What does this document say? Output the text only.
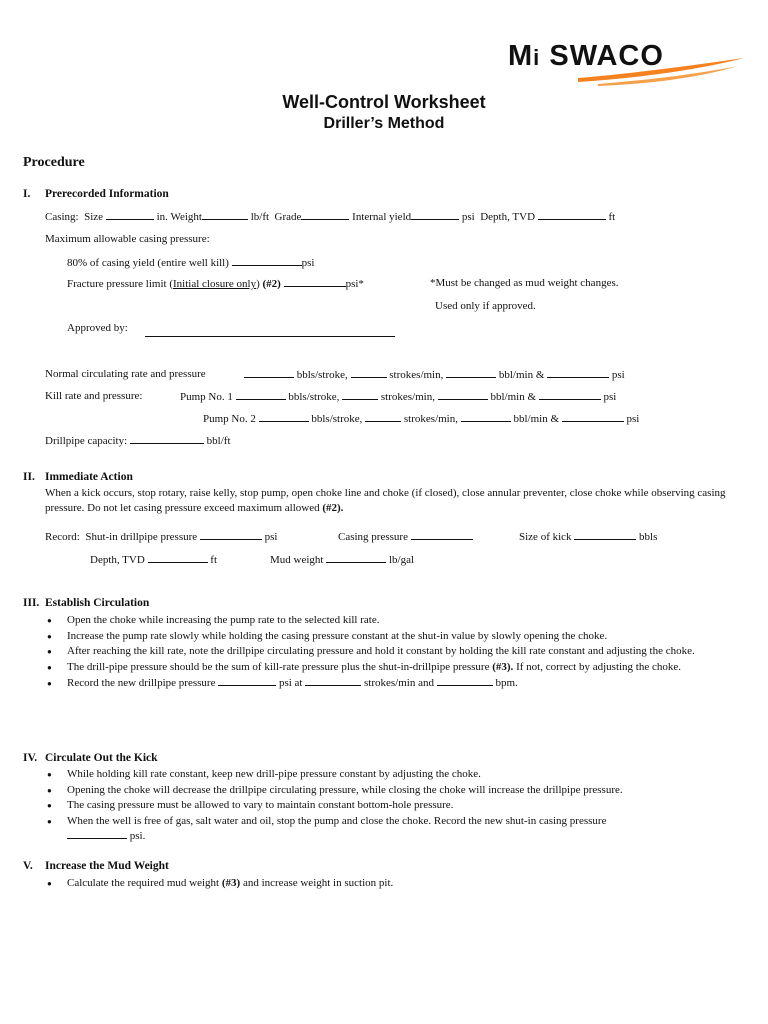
Mi SWACO
Well-Control Worksheet
Driller’s Method
Procedure
I. Prerecorded Information
Casing: Size	in. Weight	lb/ft Grade	Internal yield	psi Depth, TVD	ft
Maximum allowable casing pressure:
80% of casing yield (entire well kill)	psi
Fracture pressure limit (Initial closure only) (#2)	psi*	*Must be changed as mud weight changes.
Used only if approved.
Approved by:
Normal circulating rate and pressure	bbls/stroke,	strokes/min,	bbl/min &	psi
Kill rate and pressure:	Pump No. 1	bbls/stroke,	strokes/min,	bbl/min &	psi
Pump No. 2	bbls/stroke,	strokes/min,	bbl/min &	psi
Drillpipe capacity:	bbl/ft
II. Immediate Action
When a kick occurs, stop rotary, raise kelly, stop pump, open choke line and choke (if closed), close annular preventer, close choke while observing casing pressure. Do not let casing pressure exceed maximum allowed (#2).
Record: Shut-in drillpipe pressure	psi	Casing pressure	Size of kick	bbls
Depth, TVD	ft	Mud weight	lb/gal
III. Establish Circulation
● Open the choke while increasing the pump rate to the selected kill rate.
● Increase the pump rate slowly while holding the casing pressure constant at the shut-in value by slowly opening the choke.
● After reaching the kill rate, note the drillpipe circulating pressure and hold it constant by holding the kill rate constant and adjusting the choke.
● The drill-pipe pressure should be the sum of kill-rate pressure plus the shut-in-drillpipe pressure (#3). If not, correct by adjusting the choke.
● Record the new drillpipe pressure	psi at	strokes/min and	bpm.
IV. Circulate Out the Kick
● While holding kill rate constant, keep new drill-pipe pressure constant by adjusting the choke.
● Opening the choke will decrease the drillpipe circulating pressure, while closing the choke will increase the drillpipe pressure.
● The casing pressure must be allowed to vary to maintain constant bottom-hole pressure.
● When the well is free of gas, salt water and oil, stop the pump and close the choke. Record the new shut-in casing pressure
psi.
V. Increase the Mud Weight
● Calculate the required mud weight (#3) and increase weight in suction pit.
